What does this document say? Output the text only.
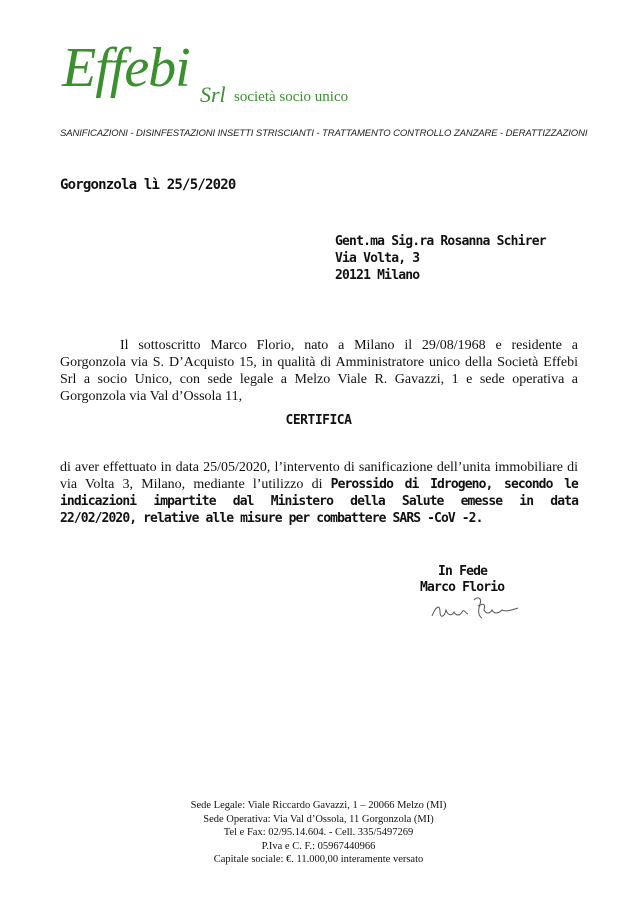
Effebi Srl società socio unico
SANIFICAZIONI - DISINFESTAZIONI INSETTI STRISCIANTI - TRATTAMENTO CONTROLLO ZANZARE - DERATTIZZAZIONI
Gorgonzola lì 25/5/2020
Gent.ma Sig.ra Rosanna Schirer
Via Volta, 3
20121 Milano
Il sottoscritto Marco Florio, nato a Milano il 29/08/1968 e residente a Gorgonzola via S. D’Acquisto 15, in qualità di Amministratore unico della Società Effebi Srl a socio Unico, con sede legale a Melzo Viale R. Gavazzi, 1 e sede operativa a Gorgonzola via Val d’Ossola 11,
CERTIFICA
di aver effettuato in data 25/05/2020, l’intervento di sanificazione dell’unita immobiliare di via Volta 3, Milano, mediante l’utilizzo di Perossido di Idrogeno, secondo le indicazioni impartite dal Ministero della Salute emesse in data 22/02/2020, relative alle misure per combattere SARS -CoV -2.
In Fede
Marco Florio
Sede Legale: Viale Riccardo Gavazzi, 1 – 20066 Melzo (MI)
Sede Operativa: Via Val d’Ossola, 11 Gorgonzola (MI)
Tel e Fax: 02/95.14.604. - Cell. 335/5497269
P.Iva e C. F.: 05967440966
Capitale sociale: €. 11.000,00 interamente versato
